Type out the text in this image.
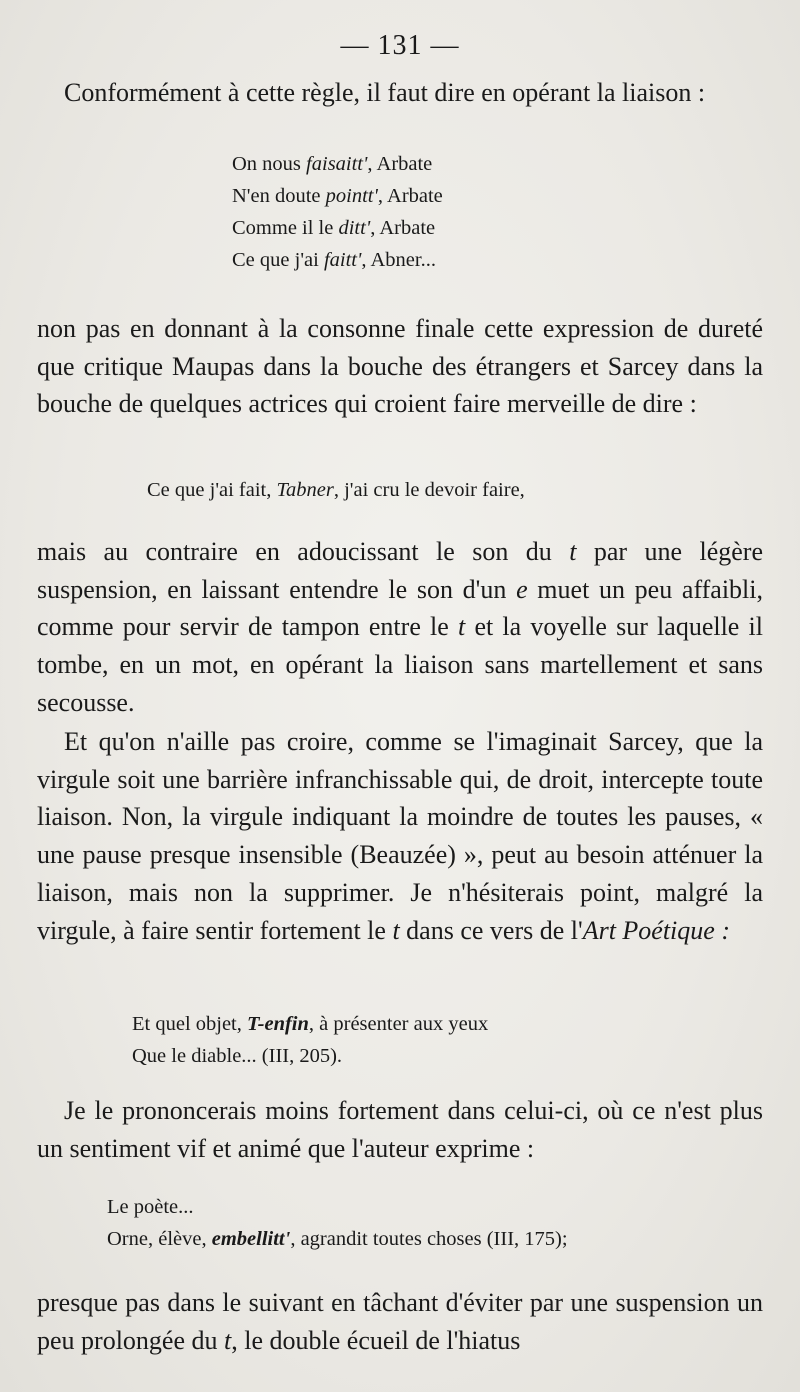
— 131 —

Conformément à cette règle, il faut dire en opérant la liaison :

On nous faisaitt', Arbate
N'en doute pointt', Arbate
Comme il le ditt', Arbate
Ce que j'ai faitt', Abner...

non pas en donnant à la consonne finale cette expression de dureté que critique Maupas dans la bouche des étrangers et Sarcey dans la bouche de quelques actrices qui croient faire merveille de dire :

Ce que j'ai fait, Tabner, j'ai cru le devoir faire,

mais au contraire en adoucissant le son du t par une légère suspension, en laissant entendre le son d'un e muet un peu affaibli, comme pour servir de tampon entre le t et la voyelle sur laquelle il tombe, en un mot, en opérant la liaison sans martellement et sans secousse.

Et qu'on n'aille pas croire, comme se l'imaginait Sarcey, que la virgule soit une barrière infranchissable qui, de droit, intercepte toute liaison. Non, la virgule indiquant la moindre de toutes les pauses, « une pause presque insensible (Beauzée) », peut au besoin atténuer la liaison, mais non la supprimer. Je n'hésiterais point, malgré la virgule, à faire sentir fortement le t dans ce vers de l'Art Poétique :

Et quel objet, T-enfin, à présenter aux yeux
Que le diable... (III, 205).

Je le prononcerais moins fortement dans celui-ci, où ce n'est plus un sentiment vif et animé que l'auteur exprime :

Le poète...
Orne, élève, embellitt', agrandit toutes choses (III, 175);

presque pas dans le suivant en tâchant d'éviter par une suspension un peu prolongée du t, le double écueil de l'hiatus
